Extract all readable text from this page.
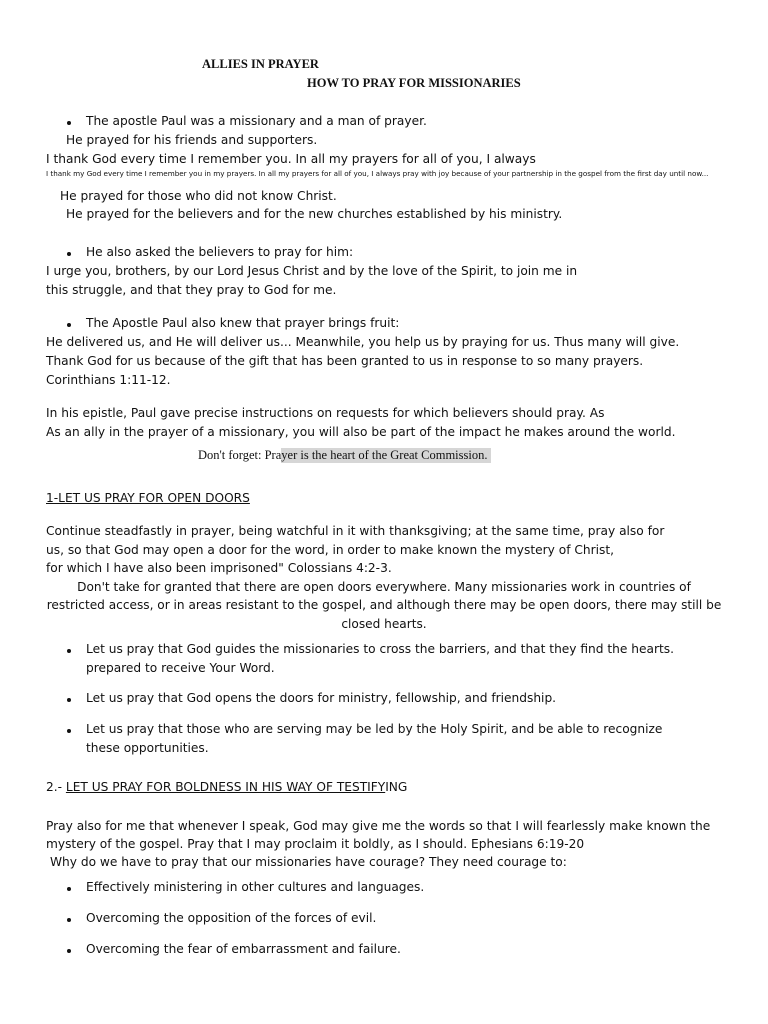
ALLIES IN PRAYER
HOW TO PRAY FOR MISSIONARIES
The apostle Paul was a missionary and a man of prayer.
He prayed for his friends and supporters.
I thank God every time I remember you. In all my prayers for all of you, I always
I thank my God every time I remember you in my prayers. In all my prayers for all of you, I always pray with joy because of your partnership in the gospel from the first day until now...
He prayed for those who did not know Christ.
He prayed for the believers and for the new churches established by his ministry.
He also asked the believers to pray for him:
I urge you, brothers, by our Lord Jesus Christ and by the love of the Spirit, to join me in
this struggle, and that they pray to God for me.
The Apostle Paul also knew that prayer brings fruit:
He delivered us, and He will deliver us... Meanwhile, you help us by praying for us. Thus many will give.
Thank God for us because of the gift that has been granted to us in response to so many prayers.
Corinthians 1:11-12.
In his epistle, Paul gave precise instructions on requests for which believers should pray. As
As an ally in the prayer of a missionary, you will also be part of the impact he makes around the world.
Don't forget: Prayer is the heart of the Great Commission.
1-LET US PRAY FOR OPEN DOORS
Continue steadfastly in prayer, being watchful in it with thanksgiving; at the same time, pray also for
us, so that God may open a door for the word, in order to make known the mystery of Christ,
for which I have also been imprisoned" Colossians 4:2-3.
Don't take for granted that there are open doors everywhere. Many missionaries work in countries of
restricted access, or in areas resistant to the gospel, and although there may be open doors, there may still be
closed hearts.
Let us pray that God guides the missionaries to cross the barriers, and that they find the hearts.
prepared to receive Your Word.
Let us pray that God opens the doors for ministry, fellowship, and friendship.
Let us pray that those who are serving may be led by the Holy Spirit, and be able to recognize
these opportunities.
2.- LET US PRAY FOR BOLDNESS IN HIS WAY OF TESTIFYING
Pray also for me that whenever I speak, God may give me the words so that I will fearlessly make known the
mystery of the gospel. Pray that I may proclaim it boldly, as I should. Ephesians 6:19-20
Why do we have to pray that our missionaries have courage? They need courage to:
Effectively ministering in other cultures and languages.
Overcoming the opposition of the forces of evil.
Overcoming the fear of embarrassment and failure.
